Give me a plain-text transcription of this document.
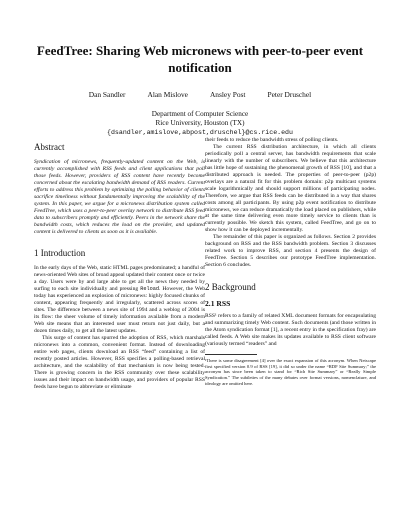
FeedTree: Sharing Web micronews with peer-to-peer event notification
Dan Sandler	Alan Mislove	Ansley Post	Peter Druschel
Department of Computer Science
Rice University, Houston (TX)
{dsandler,amislove,abpost,druschel}@cs.rice.edu
Abstract

Syndication of micronews, frequently-updated content on the Web, is currently accomplished with RSS feeds and client applications that poll those feeds. However, providers of RSS content have recently become concerned about the escalating bandwidth demand of RSS readers. Current efforts to address this problem by optimizing the polling behavior of clients sacrifice timeliness without fundamentally improving the scalability of the system. In this paper, we argue for a micronews distribution system called FeedTree, which uses a peer-to-peer overlay network to distribute RSS feed data to subscribers promptly and efficiently. Peers in the network share the bandwidth costs, which reduces the load on the provider, and updated content is delivered to clients as soon as it is available.

1 Introduction

In the early days of the Web, static HTML pages predominated; a handful of news-oriented Web sites of broad appeal updated their content once or twice a day. Users were by and large able to get all the news they needed by surfing to each site individually and pressing Reload. However, the Web today has experienced an explosion of micronews: highly focused chunks of content, appearing frequently and irregularly, scattered across scores of sites. The difference between a news site of 1994 and a weblog of 2004 is its flow: the sheer volume of timely information available from a modern Web site means that an interested user must return not just daily, but a dozen times daily, to get all the latest updates.

This surge of content has spurred the adoption of RSS, which marshals micronews into a common, convenient format. Instead of downloading entire web pages, clients download an RSS “feed” containing a list of recently posted articles. However, RSS specifies a polling-based retrieval architecture, and the scalability of that mechanism is now being tested. There is growing concern in the RSS community over these scalability issues and their impact on bandwidth usage, and providers of popular RSS feeds have begun to abbreviate or eliminate

their feeds to reduce the bandwidth stress of polling clients.

The current RSS distribution architecture, in which all clients periodically poll a central server, has bandwidth requirements that scale linearly with the number of subscribers. We believe that this architecture has little hope of sustaining the phenomenal growth of RSS [10], and that a distributed approach is needed. The properties of peer-to-peer (p2p) overlays are a natural fit for this problem domain: p2p multicast systems scale logarithmically and should support millions of participating nodes. Therefore, we argue that RSS feeds can be distributed in a way that shares costs among all participants. By using p2p event notification to distribute micronews, we can reduce dramatically the load placed on publishers, while at the same time delivering even more timely service to clients than is currently possible. We sketch this system, called FeedTree, and go on to show how it can be deployed incrementally.

The remainder of this paper is organized as follows. Section 2 provides background on RSS and the RSS bandwidth problem. Section 3 discusses related work to improve RSS, and section 4 presents the design of FeedTree. Section 5 describes our prototype FeedTree implementation. Section 6 concludes.

2 Background
2.1 RSS

RSS¹ refers to a family of related XML document formats for encapsulating and summarizing timely Web content. Such documents (and those written in the Atom syndication format [1], a recent entry in the specification fray) are called feeds. A Web site makes its updates available to RSS client software (variously termed “readers” and

¹There is some disagreement [4] over the exact expansion of this acronym. When Netscape first specified version 0.9 of RSS [19], it did so under the name “RDF Site Summary;” the acronym has since been taken to stand for “Rich Site Summary” or “Really Simple Syndication.” The subtleties of the many debates over format versions, nomenclature, and ideology are omitted here.
